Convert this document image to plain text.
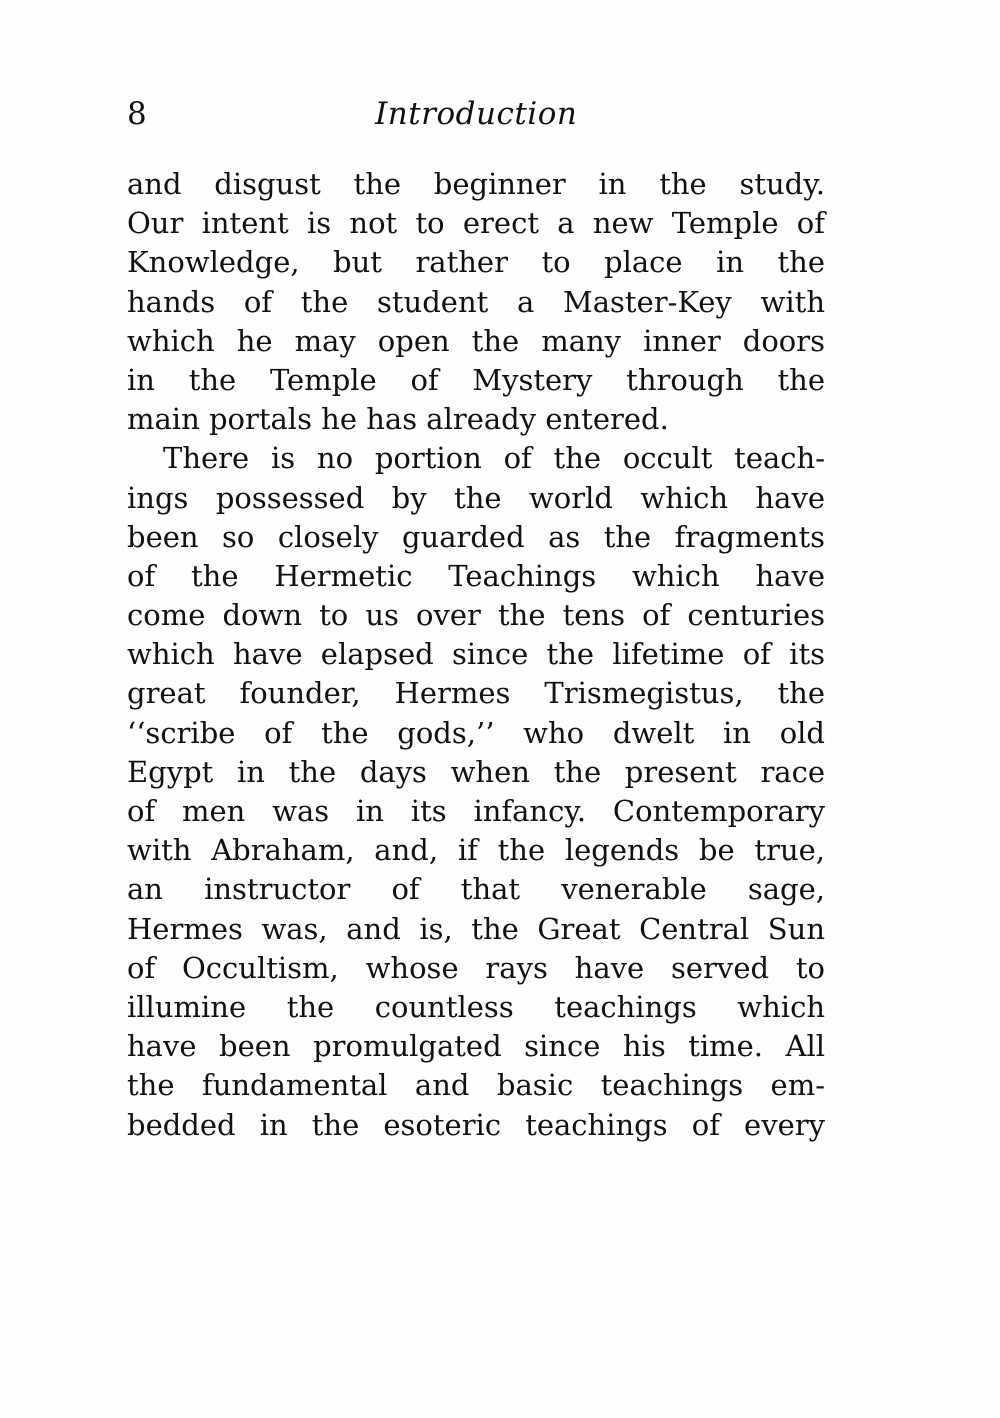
8	Introduction
and disgust the beginner in the study.
Our intent is not to erect a new Temple of
Knowledge, but rather to place in the
hands of the student a Master-Key with
which he may open the many inner doors
in the Temple of Mystery through the
main portals he has already entered.
There is no portion of the occult teach-
ings possessed by the world which have
been so closely guarded as the fragments
of the Hermetic Teachings which have
come down to us over the tens of centuries
which have elapsed since the lifetime of its
great founder, Hermes Trismegistus, the
‘‘scribe of the gods,’’ who dwelt in old
Egypt in the days when the present race
of men was in its infancy. Contemporary
with Abraham, and, if the legends be true,
an instructor of that venerable sage,
Hermes was, and is, the Great Central Sun
of Occultism, whose rays have served to
illumine the countless teachings which
have been promulgated since his time. All
the fundamental and basic teachings em-
bedded in the esoteric teachings of every
